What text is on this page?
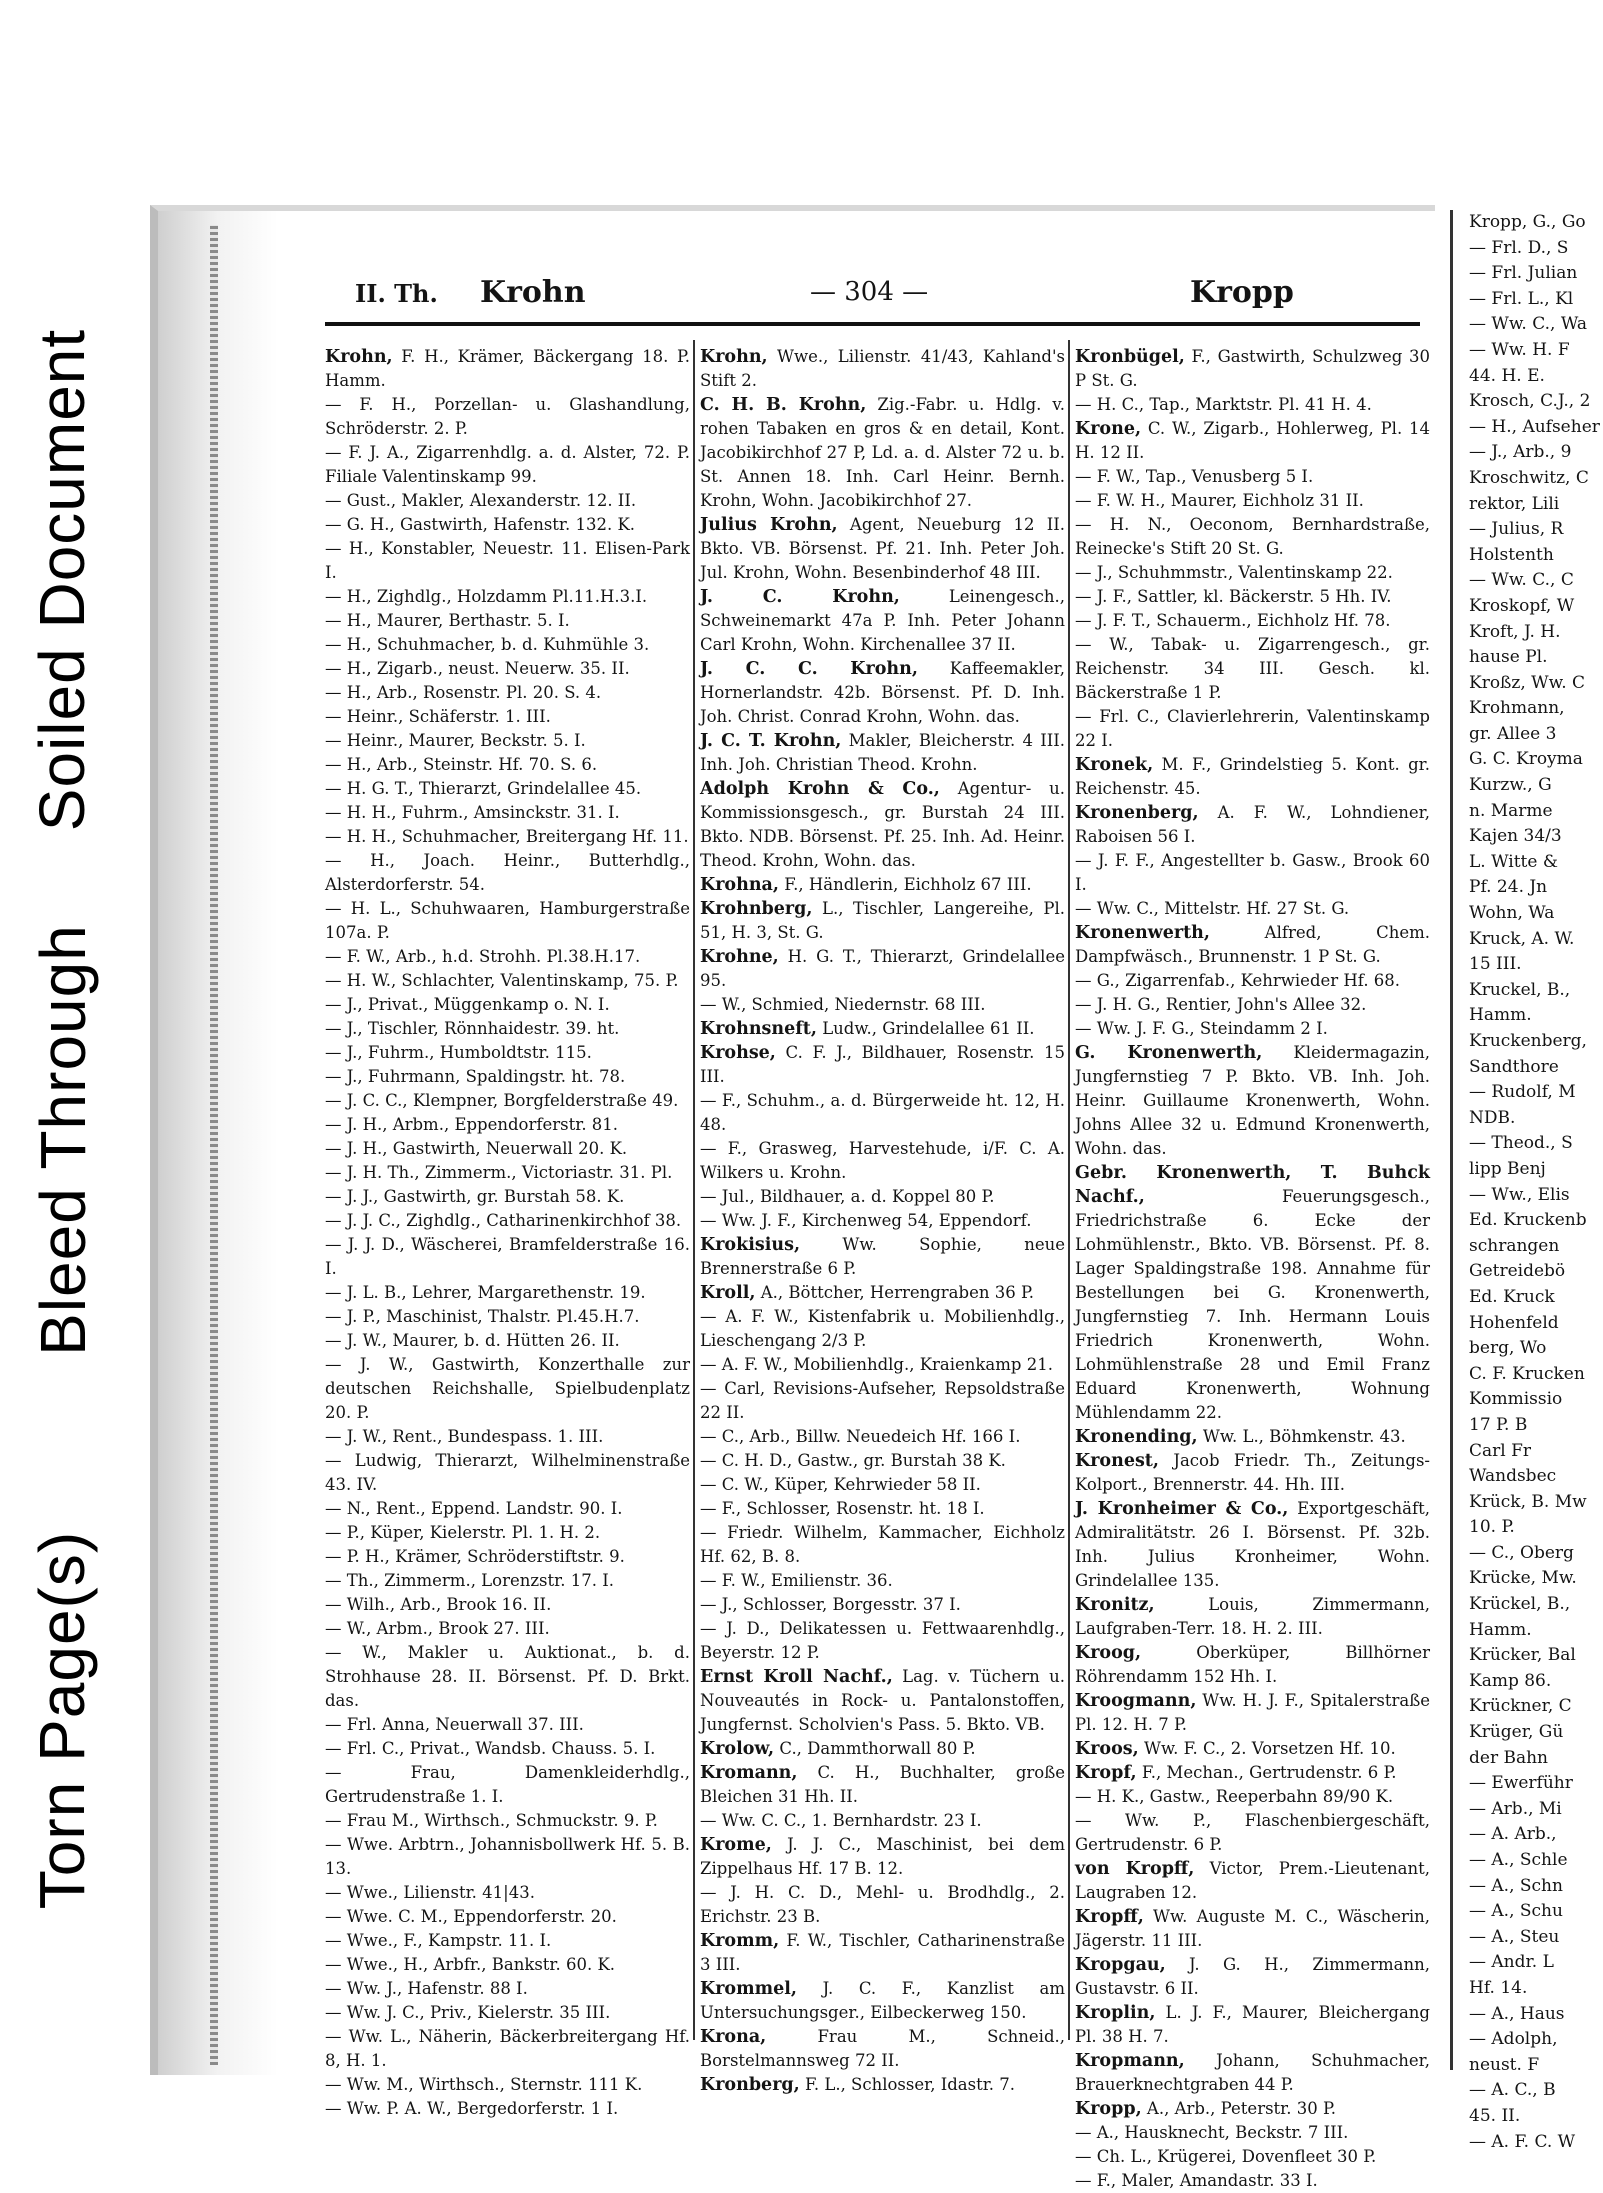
Soiled Document
Bleed Through
Torn Page(s)
II. Th. Krohn	— 304 —	Kropp

Krohn, F. H., Krämer, Bäckergang 18. P. Hamm.

— F. H., Porzellan- u. Glashandlung, Schröderstr. 2. P.

— F. J. A., Zigarrenhdlg. a. d. Alster, 72. P. Filiale Valentinskamp 99.

— Gust., Makler, Alexanderstr. 12. II.

— G. H., Gastwirth, Hafenstr. 132. K.

— H., Konstabler, Neuestr. 11. Elisen-Park I.

— H., Zighdlg., Holzdamm Pl.11.H.3.I.

— H., Maurer, Berthastr. 5. I.

— H., Schuhmacher, b. d. Kuhmühle 3.

— H., Zigarb., neust. Neuerw. 35. II.

— H., Arb., Rosenstr. Pl. 20. S. 4.

— Heinr., Schäferstr. 1. III.

— Heinr., Maurer, Beckstr. 5. I.

— H., Arb., Steinstr. Hf. 70. S. 6.

— H. G. T., Thierarzt, Grindelallee 45.

— H. H., Fuhrm., Amsinckstr. 31. I.

— H. H., Schuhmacher, Breitergang Hf. 11.

— H., Joach. Heinr., Butterhdlg., Alsterdorferstr. 54.

— H. L., Schuhwaaren, Hamburgerstraße 107a. P.

— F. W., Arb., h.d. Strohh. Pl.38.H.17.

— H. W., Schlachter, Valentinskamp, 75. P.

— J., Privat., Müggenkamp o. N. I.

— J., Tischler, Rönnhaidestr. 39. ht.

— J., Fuhrm., Humboldtstr. 115.

— J., Fuhrmann, Spaldingstr. ht. 78.

— J. C. C., Klempner, Borgfelderstraße 49.

— J. H., Arbm., Eppendorferstr. 81.

— J. H., Gastwirth, Neuerwall 20. K.

— J. H. Th., Zimmerm., Victoriastr. 31. Pl.

— J. J., Gastwirth, gr. Burstah 58. K.

— J. J. C., Zighdlg., Catharinenkirchhof 38.

— J. J. D., Wäscherei, Bramfelderstraße 16. I.

— J. L. B., Lehrer, Margarethenstr. 19.

— J. P., Maschinist, Thalstr. Pl.45.H.7.

— J. W., Maurer, b. d. Hütten 26. II.

— J. W., Gastwirth, Konzerthalle zur deutschen Reichshalle, Spielbudenplatz 20. P.

— J. W., Rent., Bundespass. 1. III.

— Ludwig, Thierarzt, Wilhelminenstraße 43. IV.

— N., Rent., Eppend. Landstr. 90. I.

— P., Küper, Kielerstr. Pl. 1. H. 2.

— P. H., Krämer, Schröderstiftstr. 9.

— Th., Zimmerm., Lorenzstr. 17. I.

— Wilh., Arb., Brook 16. II.

— W., Arbm., Brook 27. III.

— W., Makler u. Auktionat., b. d. Strohhause 28. II. Börsenst. Pf. D. Brkt. das.

— Frl. Anna, Neuerwall 37. III.

— Frl. C., Privat., Wandsb. Chauss. 5. I.

— Frau, Damenkleiderhdlg., Gertrudenstraße 1. I.

— Frau M., Wirthsch., Schmuckstr. 9. P.

— Wwe. Arbtrn., Johannisbollwerk Hf. 5. B. 13.

— Wwe., Lilienstr. 41|43.

— Wwe. C. M., Eppendorferstr. 20.

— Wwe., F., Kampstr. 11. I.

— Wwe., H., Arbfr., Bankstr. 60. K.

— Ww. J., Hafenstr. 88 I.

— Ww. J. C., Priv., Kielerstr. 35 III.

— Ww. L., Näherin, Bäckerbreitergang Hf. 8, H. 1.

— Ww. M., Wirthsch., Sternstr. 111 K.

— Ww. P. A. W., Bergedorferstr. 1 I.

Krohn, Wwe., Lilienstr. 41/43, Kahland's Stift 2.

C. H. B. Krohn, Zig.-Fabr. u. Hdlg. v. rohen Tabaken en gros & en detail, Kont. Jacobikirchhof 27 P, Ld. a. d. Alster 72 u. b. St. Annen 18. Inh. Carl Heinr. Bernh. Krohn, Wohn. Jacobikirchhof 27.

Julius Krohn, Agent, Neueburg 12 II. Bkto. VB. Börsenst. Pf. 21. Inh. Peter Joh. Jul. Krohn, Wohn. Besenbinderhof 48 III.

J. C. Krohn, Leinengesch., Schweinemarkt 47a P. Inh. Peter Johann Carl Krohn, Wohn. Kirchenallee 37 II.

J. C. C. Krohn, Kaffeemakler, Hornerlandstr. 42b. Börsenst. Pf. D. Inh. Joh. Christ. Conrad Krohn, Wohn. das.

J. C. T. Krohn, Makler, Bleicherstr. 4 III. Inh. Joh. Christian Theod. Krohn.

Adolph Krohn & Co., Agentur- u. Kommissionsgesch., gr. Burstah 24 III. Bkto. NDB. Börsenst. Pf. 25. Inh. Ad. Heinr. Theod. Krohn, Wohn. das.

Krohna, F., Händlerin, Eichholz 67 III.

Krohnberg, L., Tischler, Langereihe, Pl. 51, H. 3, St. G.

Krohne, H. G. T., Thierarzt, Grindelallee 95.

— W., Schmied, Niedernstr. 68 III.

Krohnsneft, Ludw., Grindelallee 61 II.

Krohse, C. F. J., Bildhauer, Rosenstr. 15 III.

— F., Schuhm., a. d. Bürgerweide ht. 12, H. 48.

— F., Grasweg, Harvestehude, i/F. C. A. Wilkers u. Krohn.

— Jul., Bildhauer, a. d. Koppel 80 P.

— Ww. J. F., Kirchenweg 54, Eppendorf.

Krokisius, Ww. Sophie, neue Brennerstraße 6 P.

Kroll, A., Böttcher, Herrengraben 36 P.

— A. F. W., Kistenfabrik u. Mobilienhdlg., Lieschengang 2/3 P.

— A. F. W., Mobilienhdlg., Kraienkamp 21.

— Carl, Revisions-Aufseher, Repsoldstraße 22 II.

— C., Arb., Billw. Neuedeich Hf. 166 I.

— C. H. D., Gastw., gr. Burstah 38 K.

— C. W., Küper, Kehrwieder 58 II.

— F., Schlosser, Rosenstr. ht. 18 I.

— Friedr. Wilhelm, Kammacher, Eichholz Hf. 62, B. 8.

— F. W., Emilienstr. 36.

— J., Schlosser, Borgesstr. 37 I.

— J. D., Delikatessen u. Fettwaarenhdlg., Beyerstr. 12 P.

Ernst Kroll Nachf., Lag. v. Tüchern u. Nouveautés in Rock- u. Pantalonstoffen, Jungfernst. Scholvien's Pass. 5. Bkto. VB.

Krolow, C., Dammthorwall 80 P.

Kromann, C. H., Buchhalter, große Bleichen 31 Hh. II.

— Ww. C. C., 1. Bernhardstr. 23 I.

Krome, J. J. C., Maschinist, bei dem Zippelhaus Hf. 17 B. 12.

— J. H. C. D., Mehl- u. Brodhdlg., 2. Erichstr. 23 B.

Kromm, F. W., Tischler, Catharinenstraße 3 III.

Krommel, J. C. F., Kanzlist am Untersuchungsger., Eilbeckerweg 150.

Krona, Frau M., Schneid., Borstelmannsweg 72 II.

Kronberg, F. L., Schlosser, Idastr. 7.

Kronbügel, F., Gastwirth, Schulzweg 30 P St. G.

— H. C., Tap., Marktstr. Pl. 41 H. 4.

Krone, C. W., Zigarb., Hohlerweg, Pl. 14 H. 12 II.

— F. W., Tap., Venusberg 5 I.

— F. W. H., Maurer, Eichholz 31 II.

— H. N., Oeconom, Bernhardstraße, Reinecke's Stift 20 St. G.

— J., Schuhmmstr., Valentinskamp 22.

— J. F., Sattler, kl. Bäckerstr. 5 Hh. IV.

— J. F. T., Schauerm., Eichholz Hf. 78.

— W., Tabak- u. Zigarrengesch., gr. Reichenstr. 34 III. Gesch. kl. Bäckerstraße 1 P.

— Frl. C., Clavierlehrerin, Valentinskamp 22 I.

Kronek, M. F., Grindelstieg 5. Kont. gr. Reichenstr. 45.

Kronenberg, A. F. W., Lohndiener, Raboisen 56 I.

— J. F. F., Angestellter b. Gasw., Brook 60 I.

— Ww. C., Mittelstr. Hf. 27 St. G.

Kronenwerth, Alfred, Chem. Dampfwäsch., Brunnenstr. 1 P St. G.

— G., Zigarrenfab., Kehrwieder Hf. 68.

— J. H. G., Rentier, John's Allee 32.

— Ww. J. F. G., Steindamm 2 I.

G. Kronenwerth, Kleidermagazin, Jungfernstieg 7 P. Bkto. VB. Inh. Joh. Heinr. Guillaume Kronenwerth, Wohn. Johns Allee 32 u. Edmund Kronenwerth, Wohn. das.

Gebr. Kronenwerth, T. Buhck Nachf., Feuerungsgesch., Friedrichstraße 6. Ecke der Lohmühlenstr., Bkto. VB. Börsenst. Pf. 8. Lager Spaldingstraße 198. Annahme für Bestellungen bei G. Kronenwerth, Jungfernstieg 7. Inh. Hermann Louis Friedrich Kronenwerth, Wohn. Lohmühlenstraße 28 und Emil Franz Eduard Kronenwerth, Wohnung Mühlendamm 22.

Kronending, Ww. L., Böhmkenstr. 43.

Kronest, Jacob Friedr. Th., Zeitungs-Kolport., Brennerstr. 44. Hh. III.

J. Kronheimer & Co., Exportgeschäft, Admiralitätstr. 26 I. Börsenst. Pf. 32b. Inh. Julius Kronheimer, Wohn. Grindelallee 135.

Kronitz, Louis, Zimmermann, Laufgraben-Terr. 18. H. 2. III.

Kroog, Oberküper, Billhörner Röhrendamm 152 Hh. I.

Kroogmann, Ww. H. J. F., Spitalerstraße Pl. 12. H. 7 P.

Kroos, Ww. F. C., 2. Vorsetzen Hf. 10.

Kropf, F., Mechan., Gertrudenstr. 6 P.

— H. K., Gastw., Reeperbahn 89/90 K.

— Ww. P., Flaschenbiergeschäft, Gertrudenstr. 6 P.

von Kropff, Victor, Prem.-Lieutenant, Laugraben 12.

Kropff, Ww. Auguste M. C., Wäscherin, Jägerstr. 11 III.

Kropgau, J. G. H., Zimmermann, Gustavstr. 6 II.

Kroplin, L. J. F., Maurer, Bleichergang Pl. 38 H. 7.

Kropmann, Johann, Schuhmacher, Brauerknechtgraben 44 P.

Kropp, A., Arb., Peterstr. 30 P.

— A., Hausknecht, Beckstr. 7 III.

— Ch. L., Krügerei, Dovenfleet 30 P.

— F., Maler, Amandastr. 33 I.

Kropp, G., Go
— Frl. D., S
— Frl. Julian
— Frl. L., Kl
— Ww. C., Wa
— Ww. H. F
44. H. E.
Krosch, C.J., 2
— H., Aufseher
— J., Arb., 9
Kroschwitz, C
rektor, Lili
— Julius, R
Holstenth
— Ww. C., C
Kroskopf, W
Kroft, J. H.
hause Pl.
Kroßz, Ww. C
Krohmann,
gr. Allee 3
G. C. Kroyma
Kurzw., G
n. Marme
Kajen 34/3
L. Witte &
Pf. 24. Jn
Wohn, Wa
Kruck, A. W.
15 III.
Kruckel, B.,
Hamm.
Kruckenberg,
Sandthore
— Rudolf, M
NDB.
— Theod., S
lipp Benj
— Ww., Elis
Ed. Kruckenb
schrangen
Getreidebö
Ed. Kruck
Hohenfeld
berg, Wo
C. F. Krucken
Kommissio
17 P. B
Carl Fr
Wandsbec
Krück, B. Mw
10. P.
— C., Oberg
Krücke, Mw.
Krückel, B.,
Hamm.
Krücker, Bal
Kamp 86.
Krückner, C
Krüger, Gü
der Bahn
— Ewerführ
— Arb., Mi
— A. Arb.,
— A., Schle
— A., Schn
— A., Schu
— A., Steu
— Andr. L
Hf. 14.
— A., Haus
— Adolph,
neust. F
— A. C., B
45. II.
— A. F. C. W
